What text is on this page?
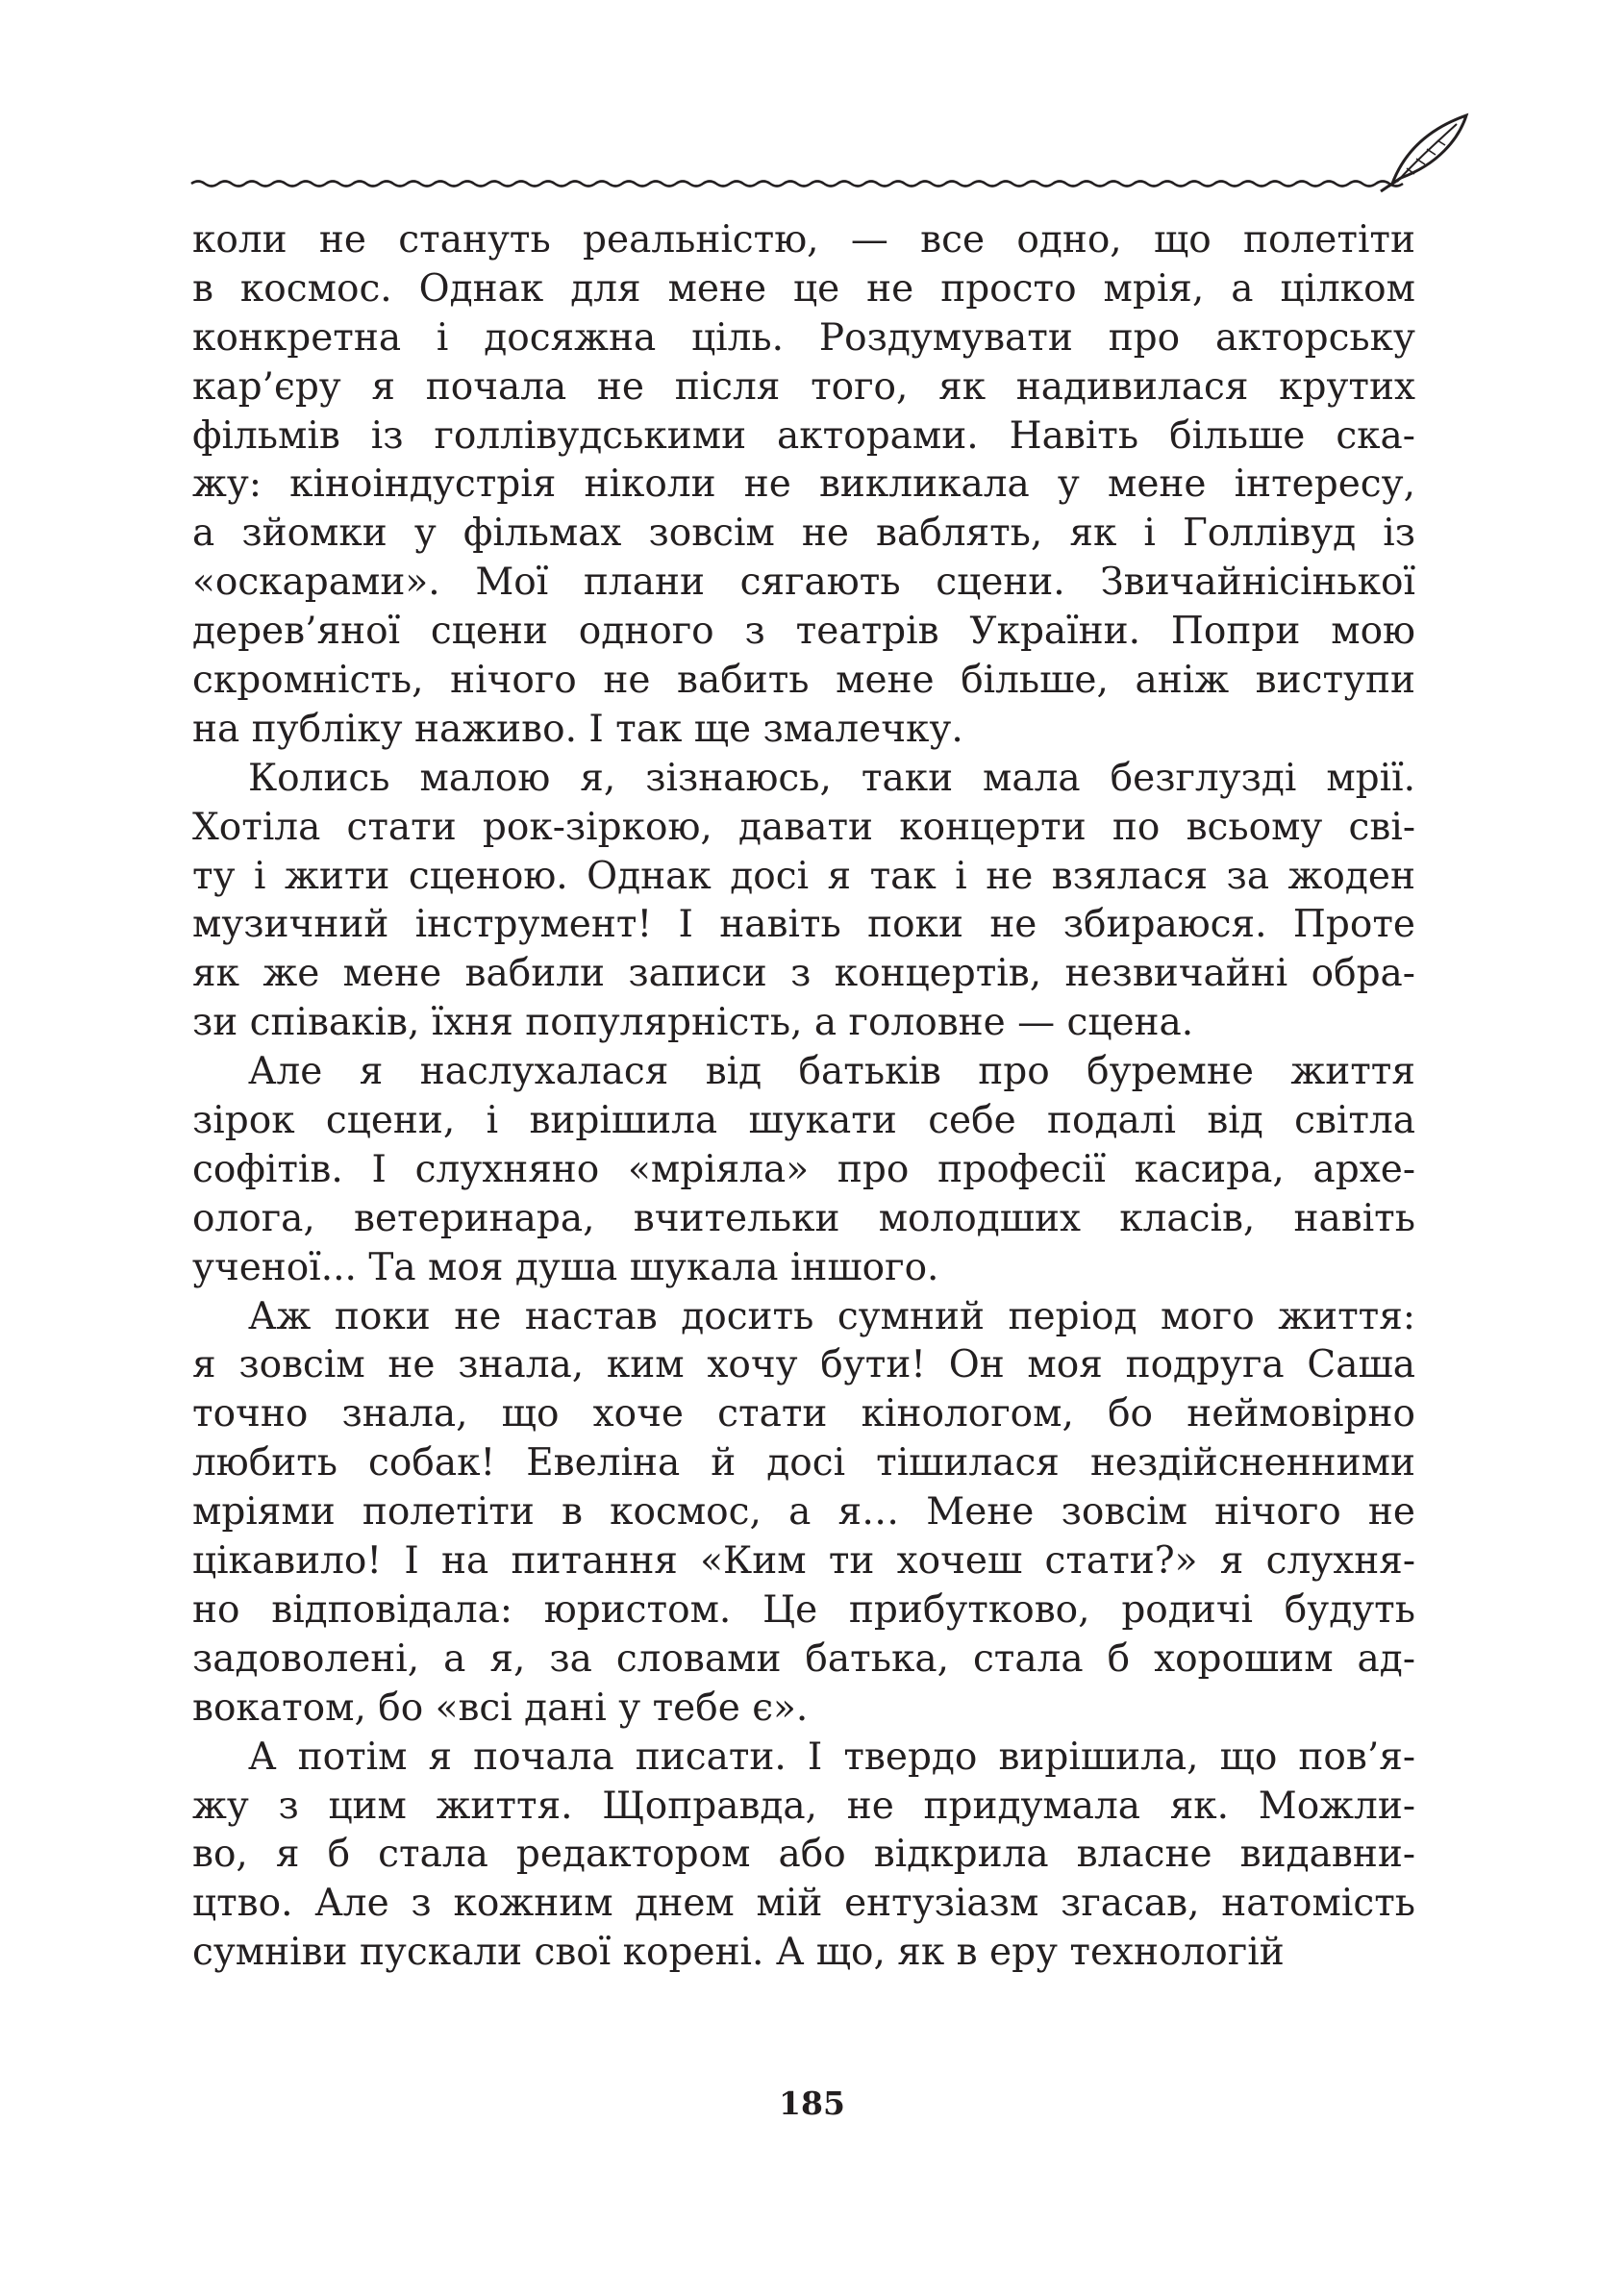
коли не стануть реальністю, — все одно, що полетіти
в космос. Однак для мене це не просто мрія, а цілком
конкретна і досяжна ціль. Роздумувати про акторську
кар’єру я почала не після того, як надивилася крутих
фільмів із голлівудськими акторами. Навіть більше ска-
жу: кіноіндустрія ніколи не викликала у мене інтересу,
а зйомки у фільмах зовсім не ваблять, як і Голлівуд із
«оскарами». Мої плани сягають сцени. Звичайнісінької
дерев’яної сцени одного з театрів України. Попри мою
скромність, нічого не вабить мене більше, аніж виступи
на публіку наживо. І так ще змалечку.
Колись малою я, зізнаюсь, таки мала безглузді мрії.
Хотіла стати рок-зіркою, давати концерти по всьому сві-
ту і жити сценою. Однак досі я так і не взялася за жоден
музичний інструмент! І навіть поки не збираюся. Проте
як же мене вабили записи з концертів, незвичайні обра-
зи співаків, їхня популярність, а головне — сцена.
Але я наслухалася від батьків про буремне життя
зірок сцени, і вирішила шукати себе подалі від світла
софітів. І слухняно «мріяла» про професії касира, архе-
олога, ветеринара, вчительки молодших класів, навіть
ученої... Та моя душа шукала іншого.
Аж поки не настав досить сумний період мого життя:
я зовсім не знала, ким хочу бути! Он моя подруга Саша
точно знала, що хоче стати кінологом, бо неймовірно
любить собак! Евеліна й досі тішилася нездійсненними
мріями полетіти в космос, а я… Мене зовсім нічого не
цікавило! І на питання «Ким ти хочеш стати?» я слухня-
но відповідала: юристом. Це прибутково, родичі будуть
задоволені, а я, за словами батька, стала б хорошим ад-
вокатом, бо «всі дані у тебе є».
А потім я почала писати. І твердо вирішила, що пов’я-
жу з цим життя. Щоправда, не придумала як. Можли-
во, я б стала редактором або відкрила власне видавни-
цтво. Але з кожним днем мій ентузіазм згасав, натомість
сумніви пускали свої корені. А що, як в еру технологій
185
